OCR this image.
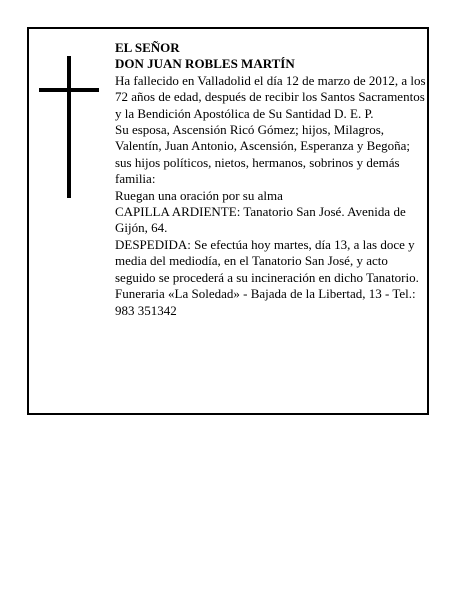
EL SEÑOR

DON JUAN ROBLES MARTÍN

Ha fallecido en Valladolid el día 12 de marzo de 2012, a los 72 años de edad, después de recibir los Santos Sacramentos y la Bendición Apostólica de Su Santidad D. E. P.

Su esposa, Ascensión Ricó Gómez; hijos, Milagros, Valentín, Juan Antonio, Ascensión, Esperanza y Begoña; sus hijos políticos, nietos, hermanos, sobrinos y demás familia:

Ruegan una oración por su alma

CAPILLA ARDIENTE: Tanatorio San José. Avenida de Gijón, 64.

DESPEDIDA: Se efectúa hoy martes, día 13, a las doce y media del mediodía, en el Tanatorio San José, y acto seguido se procederá a su incineración en dicho Tanatorio.

Funeraria «La Soledad» - Bajada de la Libertad, 13 - Tel.: 983 351342
